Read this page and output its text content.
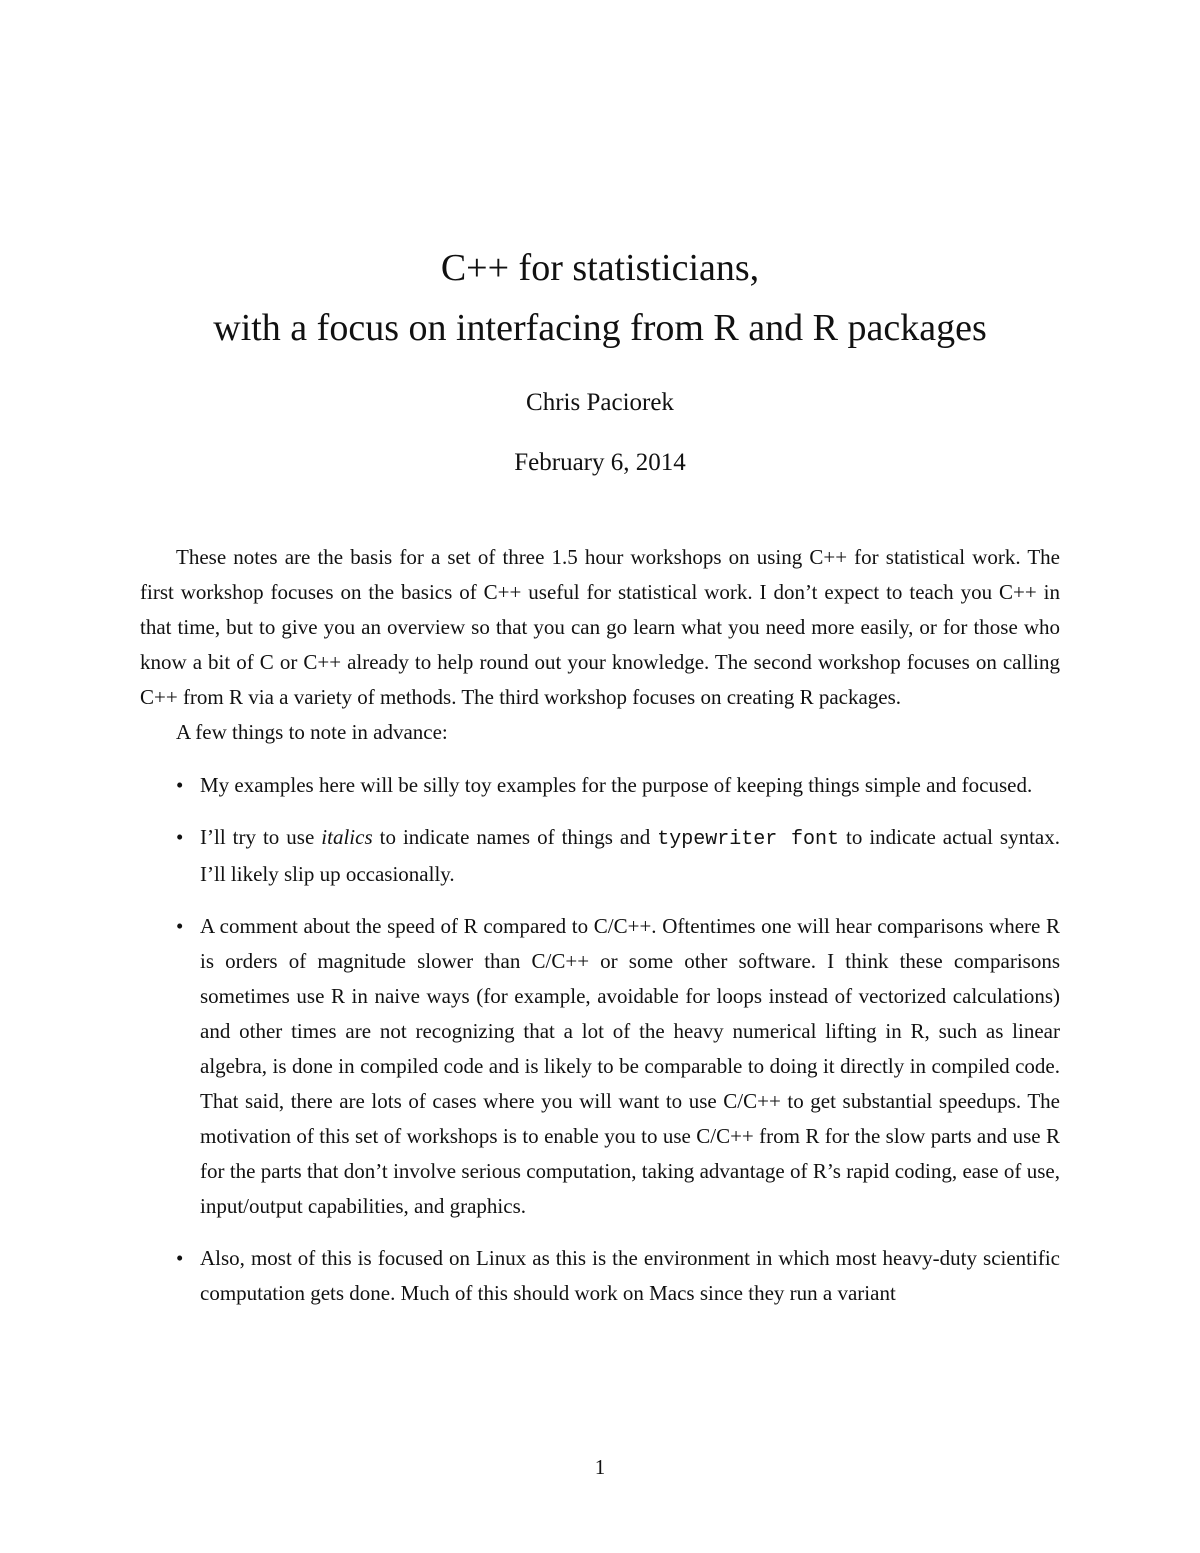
C++ for statisticians,

with a focus on interfacing from R and R packages

Chris Paciorek
February 6, 2014

These notes are the basis for a set of three 1.5 hour workshops on using C++ for statistical work. The first workshop focuses on the basics of C++ useful for statistical work. I don’t expect to teach you C++ in that time, but to give you an overview so that you can go learn what you need more easily, or for those who know a bit of C or C++ already to help round out your knowledge. The second workshop focuses on calling C++ from R via a variety of methods. The third workshop focuses on creating R packages.

A few things to note in advance:

• My examples here will be silly toy examples for the purpose of keeping things simple and focused.
• I’ll try to use italics to indicate names of things and typewriter font to indicate actual syntax. I’ll likely slip up occasionally.
• A comment about the speed of R compared to C/C++. Oftentimes one will hear comparisons where R is orders of magnitude slower than C/C++ or some other software. I think these comparisons sometimes use R in naive ways (for example, avoidable for loops instead of vectorized calculations) and other times are not recognizing that a lot of the heavy numerical lifting in R, such as linear algebra, is done in compiled code and is likely to be comparable to doing it directly in compiled code. That said, there are lots of cases where you will want to use C/C++ to get substantial speedups. The motivation of this set of workshops is to enable you to use C/C++ from R for the slow parts and use R for the parts that don’t involve serious computation, taking advantage of R’s rapid coding, ease of use, input/output capabilities, and graphics.
• Also, most of this is focused on Linux as this is the environment in which most heavy-duty scientific computation gets done. Much of this should work on Macs since they run a variant
1
